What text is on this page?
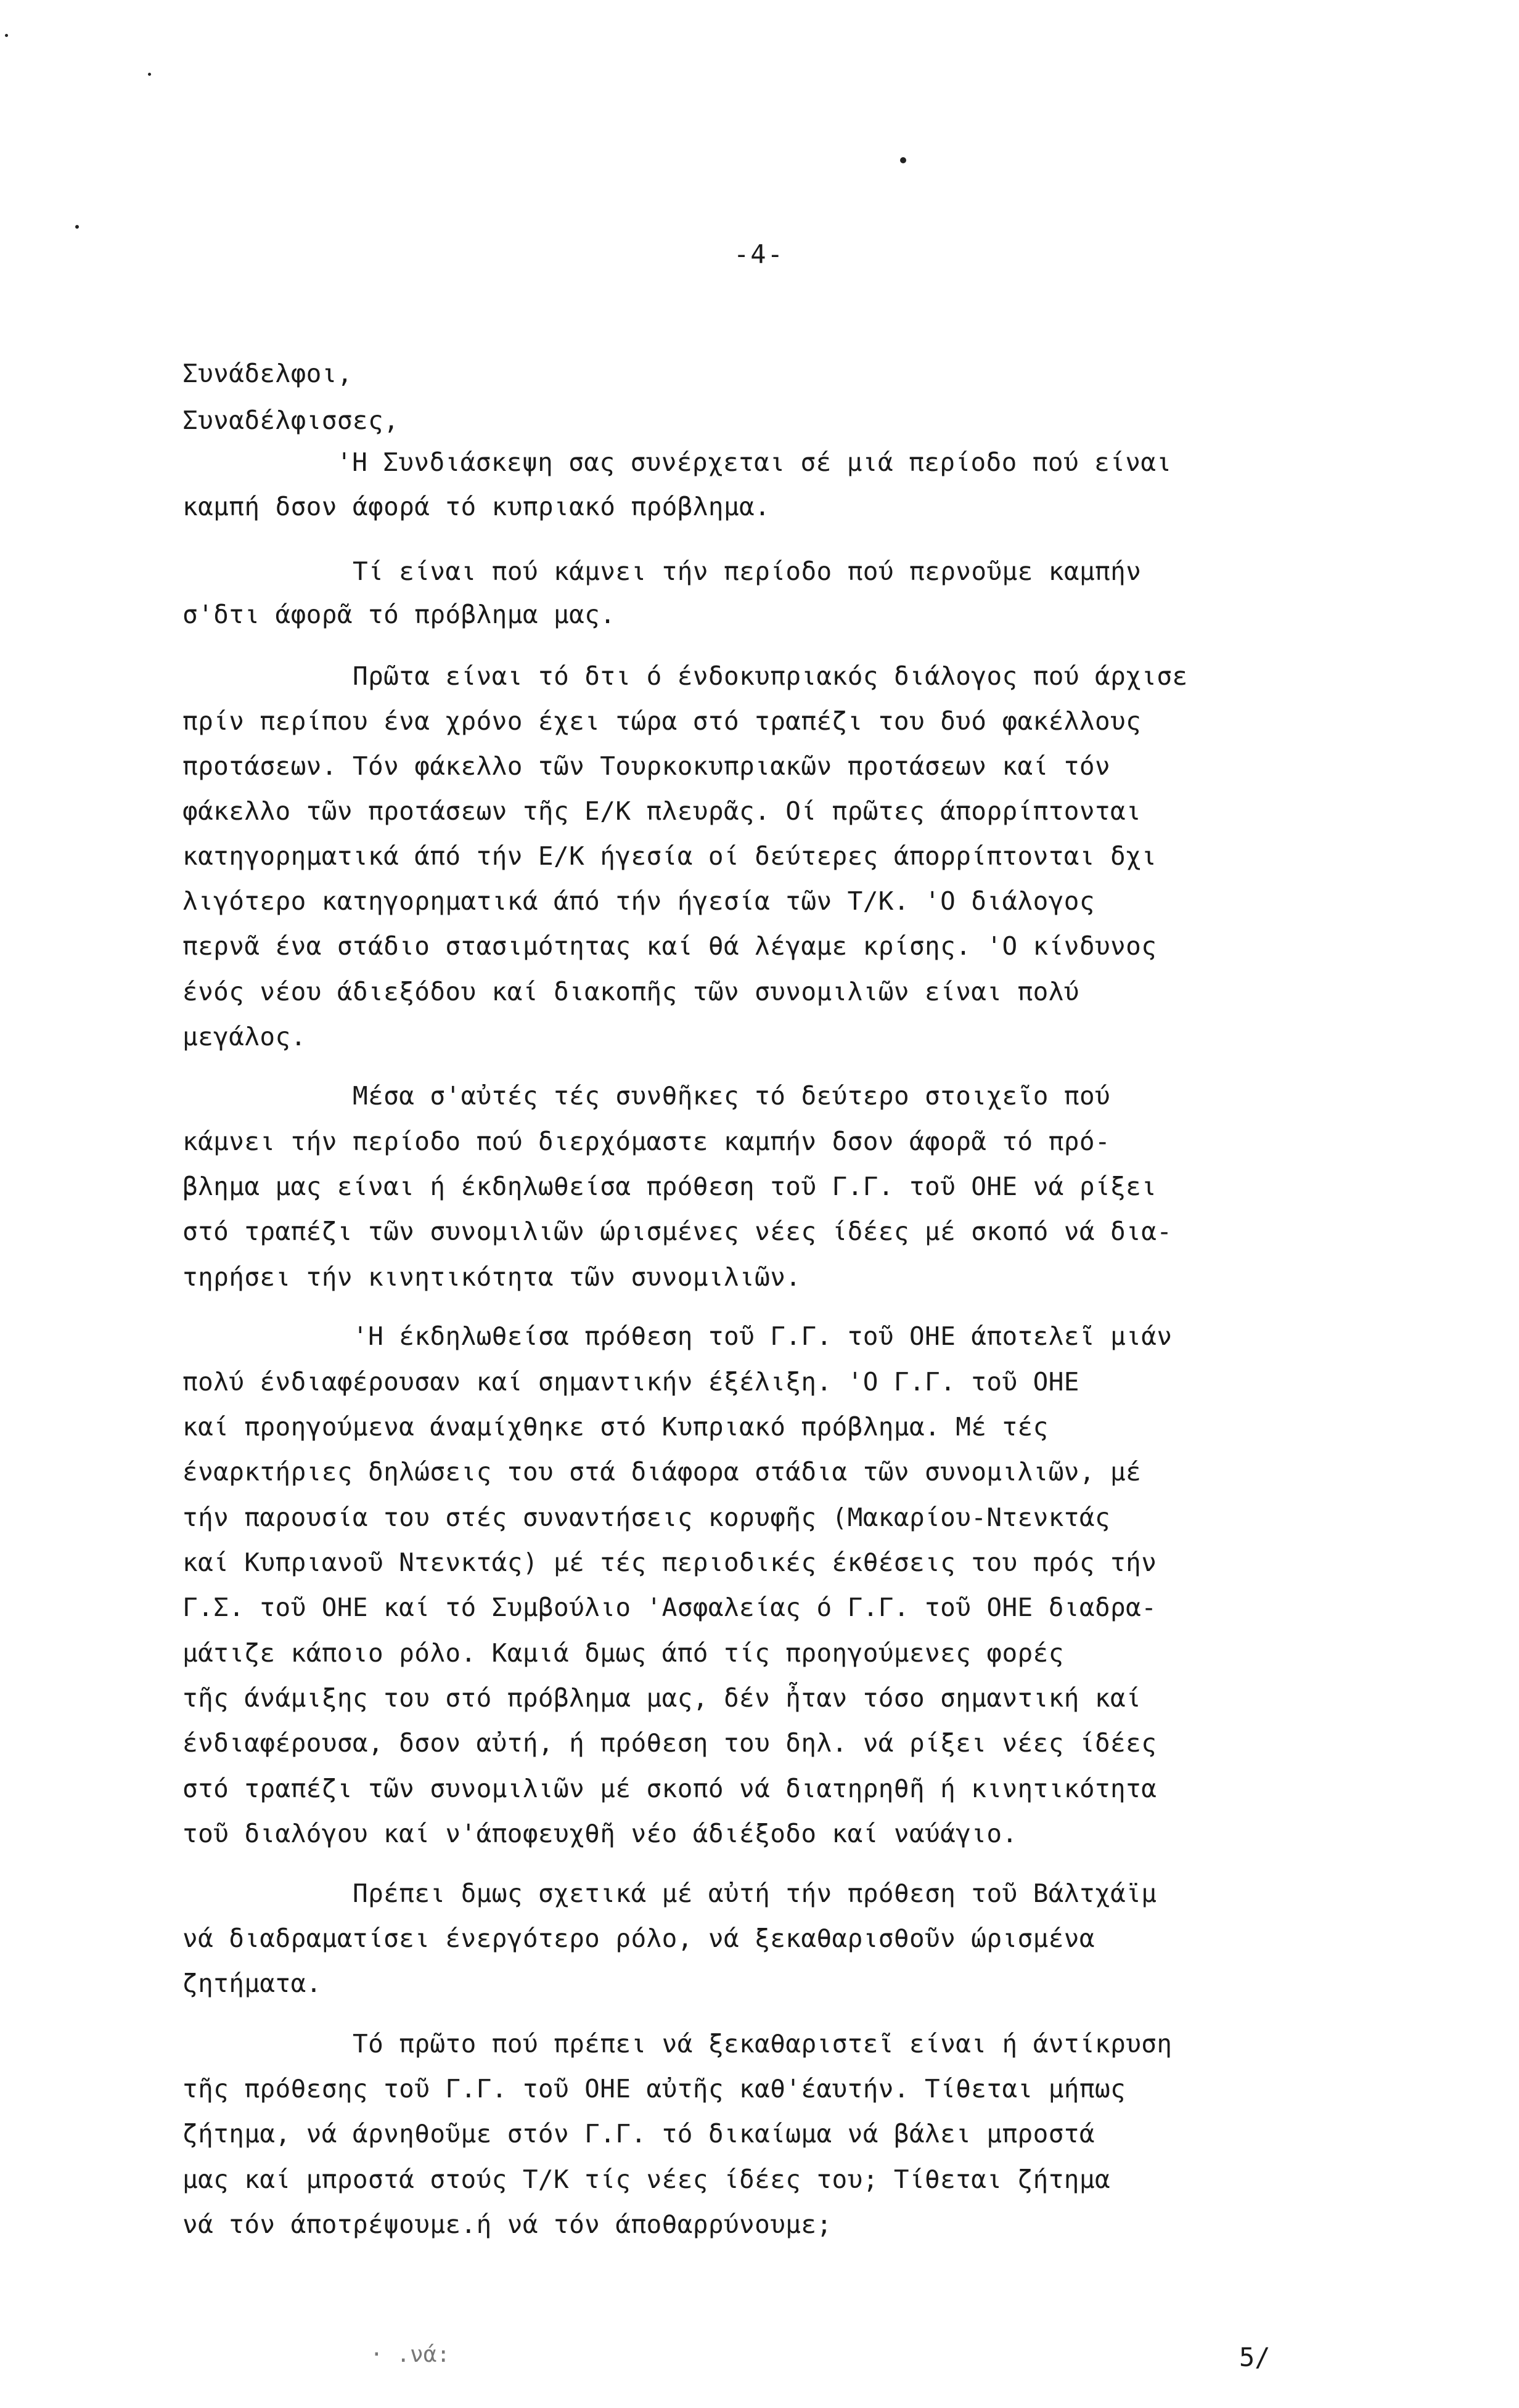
-4-
Συνάδελφοι,
Συναδέλφισσες,
'Η Συνδιάσκεψη σας συνέρχεται σέ μιά περίοδο πού είναι
καμπή δσον άφορά τό κυπριακό πρόβλημα.
Τί είναι πού κάμνει τήν περίοδο πού περνοῦμε καμπήν
σ'δτι άφορᾶ τό πρόβλημα μας.
Πρῶτα είναι τό δτι ό ένδοκυπριακός διάλογος πού άρχισε
πρίν περίπου ένα χρόνο έχει τώρα στό τραπέζι του δυό φακέλλους
προτάσεων. Τόν φάκελλο τῶν Τουρκοκυπριακῶν προτάσεων καί τόν
φάκελλο τῶν προτάσεων τῆς Ε/Κ πλευρᾶς. Οί πρῶτες άπορρίπτονται
κατηγορηματικά άπό τήν Ε/Κ ήγεσία οί δεύτερες άπορρίπτονται δχι
λιγότερο κατηγορηματικά άπό τήν ήγεσία τῶν Τ/Κ. 'Ο διάλογος
περνᾶ ένα στάδιο στασιμότητας καί θά λέγαμε κρίσης. 'Ο κίνδυνος
ένός νέου άδιεξόδου καί διακοπῆς τῶν συνομιλιῶν είναι πολύ
μεγάλος.
Μέσα σ'αὐτές τές συνθῆκες τό δεύτερο στοιχεῖο πού
κάμνει τήν περίοδο πού διερχόμαστε καμπήν δσον άφορᾶ τό πρό-
βλημα μας είναι ή έκδηλωθείσα πρόθεση τοῦ Γ.Γ. τοῦ ΟΗΕ νά ρίξει
στό τραπέζι τῶν συνομιλιῶν ώρισμένες νέες ίδέες μέ σκοπό νά δια-
τηρήσει τήν κινητικότητα τῶν συνομιλιῶν.
'Η έκδηλωθείσα πρόθεση τοῦ Γ.Γ. τοῦ ΟΗΕ άποτελεῖ μιάν
πολύ ένδιαφέρουσαν καί σημαντικήν έξέλιξη. 'Ο Γ.Γ. τοῦ ΟΗΕ
καί προηγούμενα άναμίχθηκε στό Κυπριακό πρόβλημα. Μέ τές
έναρκτήριες δηλώσεις του στά διάφορα στάδια τῶν συνομιλιῶν, μέ
τήν παρουσία του στές συναντήσεις κορυφῆς (Μακαρίου-Ντενκτάς
καί Κυπριανοῦ Ντενκτάς) μέ τές περιοδικές έκθέσεις του πρός τήν
Γ.Σ. τοῦ ΟΗΕ καί τό Συμβούλιο 'Ασφαλείας ό Γ.Γ. τοῦ ΟΗΕ διαδρα-
μάτιζε κάποιο ρόλο. Καμιά δμως άπό τίς προηγούμενες φορές
τῆς άνάμιξης του στό πρόβλημα μας, δέν ἦταν τόσο σημαντική καί
ένδιαφέρουσα, δσον αὐτή, ή πρόθεση του δηλ. νά ρίξει νέες ίδέες
στό τραπέζι τῶν συνομιλιῶν μέ σκοπό νά διατηρηθῆ ή κινητικότητα
τοῦ διαλόγου καί ν'άποφευχθῆ νέο άδιέξοδο καί ναύάγιο.
Πρέπει δμως σχετικά μέ αὐτή τήν πρόθεση τοῦ Βάλτχάϊμ
νά διαδραματίσει ένεργότερο ρόλο, νά ξεκαθαρισθοῦν ώρισμένα
ζητήματα.
Τό πρῶτο πού πρέπει νά ξεκαθαριστεῖ είναι ή άντίκρυση
τῆς πρόθεσης τοῦ Γ.Γ. τοῦ ΟΗΕ αὐτῆς καθ'έαυτήν. Τίθεται μήπως
ζήτημα, νά άρνηθοῦμε στόν Γ.Γ. τό δικαίωμα νά βάλει μπροστά
μας καί μπροστά στούς Τ/Κ τίς νέες ίδέες του; Τίθεται ζήτημα
νά τόν άποτρέψουμε.ή νά τόν άποθαρρύνουμε;
· .νά:	5/
